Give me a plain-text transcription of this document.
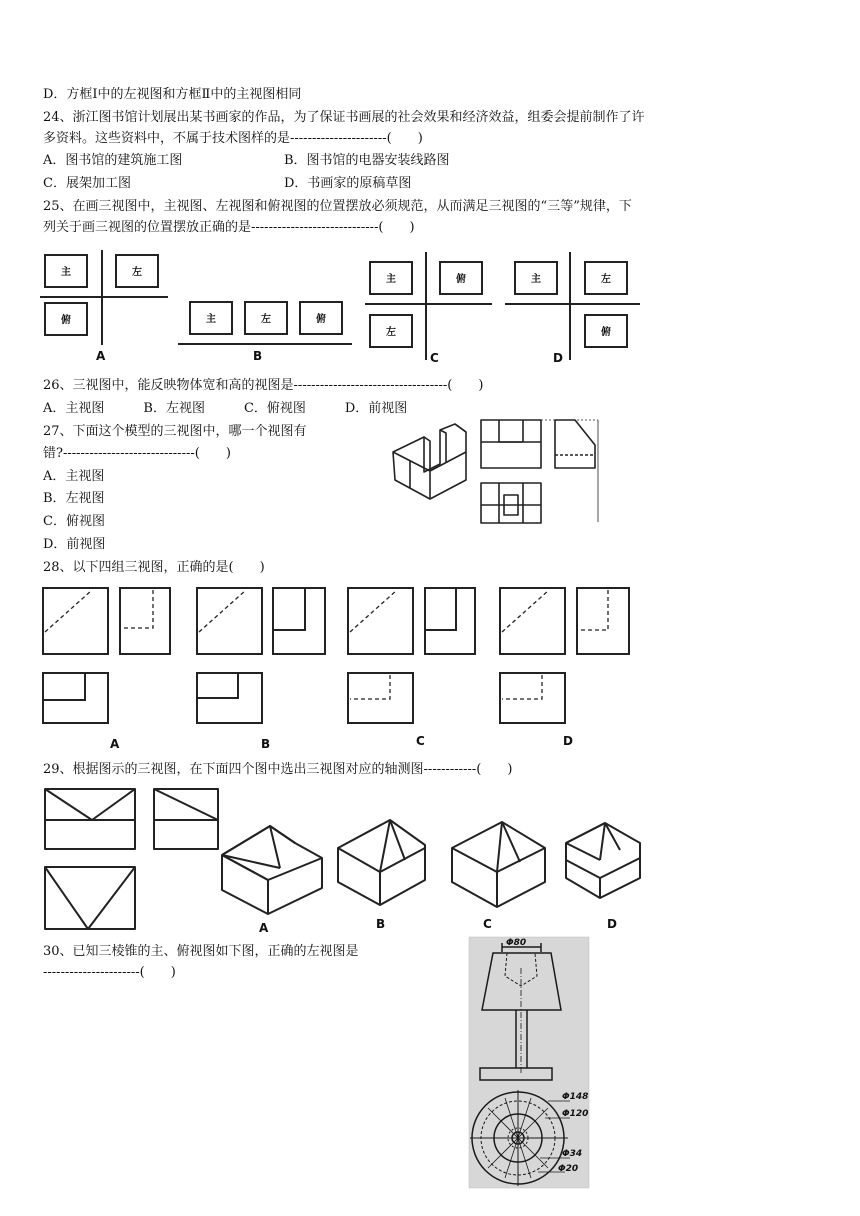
D．方框Ⅰ中的左视图和方框Ⅱ中的主视图相同
24、浙江图书馆计划展出某书画家的作品，为了保证书画展的社会效果和经济效益，组委会提前制作了许
多资料。这些资料中，不属于技术图样的是----------------------(　　)
A．图书馆的建筑施工图	B．图书馆的电器安装线路图
C．展架加工图	D．书画家的原稿草图
25、在画三视图中，主视图、左视图和俯视图的位置摆放必须规范，从而满足三视图的“三等”规律，下
列关于画三视图的位置摆放正确的是-----------------------------(　　)
主	左
俯	主	左	俯
主	俯
左
主	左
俯
A	B	C	D
26、三视图中，能反映物体宽和高的视图是-----------------------------------(　　)
A．主视图　　　B．左视图　　　C．俯视图　　　D．前视图
27、下面这个模型的三视图中，哪一个视图有
错?------------------------------(　　)
A．主视图
B．左视图
C．俯视图
D．前视图
28、以下四组三视图，正确的是(　　)
A	B	C	D
29、根据图示的三视图，在下面四个图中选出三视图对应的轴测图------------(　　)
A	B	C	D
30、已知三棱锥的主、俯视图如下图，正确的左视图是
----------------------(　　)
Φ80
Φ148
Φ120
Φ34
Φ20
